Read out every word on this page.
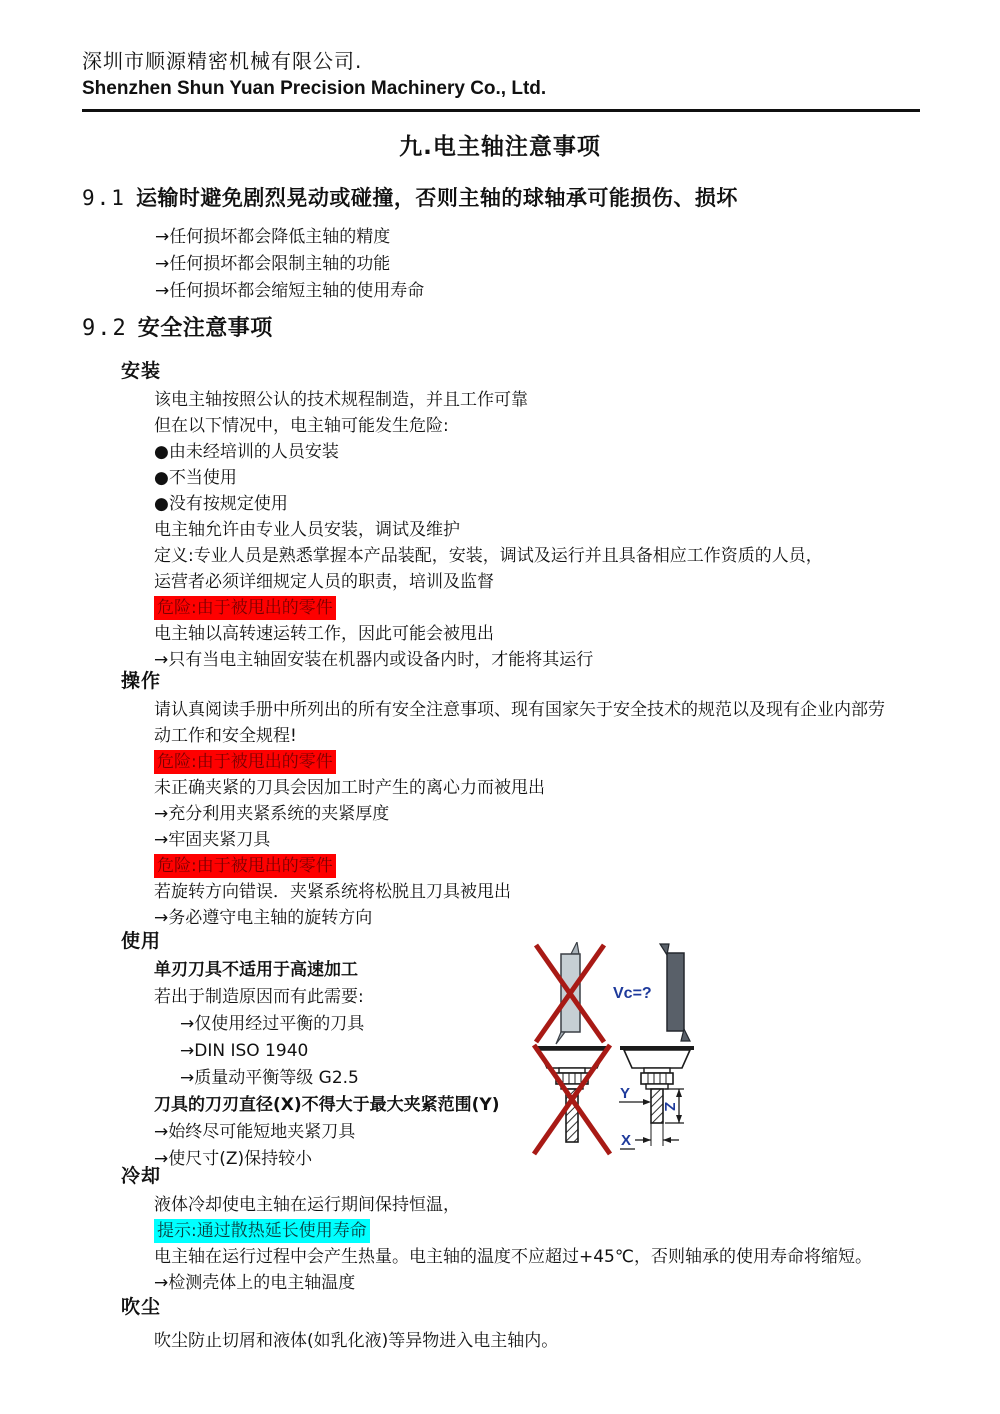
深圳市顺源精密机械有限公司.
Shenzhen Shun Yuan Precision Machinery Co., Ltd.
九.电主轴注意事项
9.1 运输时避免剧烈晃动或碰撞，否则主轴的球轴承可能损伤、损坏
→任何损坏都会降低主轴的精度
→任何损坏都会限制主轴的功能
→任何损坏都会缩短主轴的使用寿命
9.2 安全注意事项
安装
该电主轴按照公认的技术规程制造，并且工作可靠
但在以下情况中，电主轴可能发生危险:
●由未经培训的人员安装
●不当使用
●没有按规定使用
电主轴允许由专业人员安装，调试及维护
定义:专业人员是熟悉掌握本产品装配，安装，调试及运行并且具备相应工作资质的人员，
运营者必须详细规定人员的职责，培训及监督
危险:由于被甩出的零件
电主轴以高转速运转工作，因此可能会被甩出
→只有当电主轴固安装在机器内或设备内时，才能将其运行
操作
请认真阅读手册中所列出的所有安全注意事项、现有国家矢于安全技术的规范以及现有企业内部劳动工作和安全规程!
危险:由于被甩出的零件
未正确夹紧的刀具会因加工时产生的离心力而被甩出
→充分利用夹紧系统的夹紧厚度
→牢固夹紧刀具
危险:由于被甩出的零件
若旋转方向错误．夹紧系统将松脱且刀具被甩出
→务必遵守电主轴的旋转方向
使用
单刃刀具不适用于高速加工
若出于制造原因而有此需要:
→仅使用经过平衡的刀具
→DIN ISO 1940
→质量动平衡等级 G2.5
刀具的刀刃直径(X)不得大于最大夹紧范围(Y)
→始终尽可能短地夹紧刀具
→使尺寸(Z)保持较小
冷却
液体冷却使电主轴在运行期间保持恒温，
提示:通过散热延长使用寿命
电主轴在运行过程中会产生热量。电主轴的温度不应超过+45℃，否则轴承的使用寿命将缩短。
→检测壳体上的电主轴温度
吹尘
吹尘防止切屑和液体(如乳化液)等异物进入电主轴内。
Vc=?
Y
Z
X
